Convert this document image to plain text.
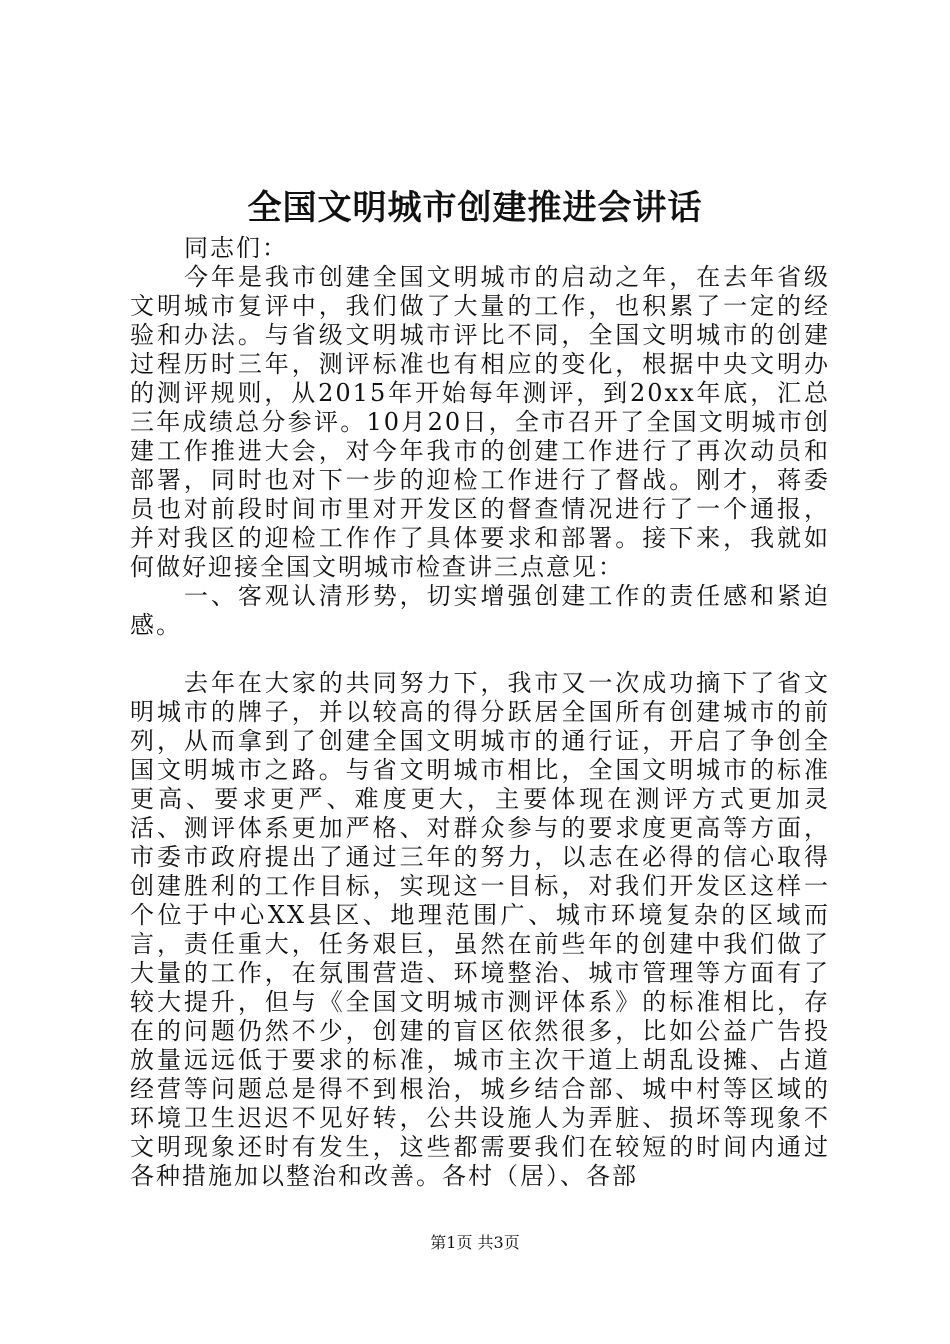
全国文明城市创建推进会讲话

同志们：

今年是我市创建全国文明城市的启动之年，在去年省级文明城市复评中，我们做了大量的工作，也积累了一定的经验和办法。与省级文明城市评比不同，全国文明城市的创建过程历时三年，测评标准也有相应的变化，根据中央文明办的测评规则，从2015年开始每年测评，到20xx年底，汇总三年成绩总分参评。10月20日，全市召开了全国文明城市创建工作推进大会，对今年我市的创建工作进行了再次动员和部署，同时也对下一步的迎检工作进行了督战。刚才，蒋委员也对前段时间市里对开发区的督查情况进行了一个通报，并对我区的迎检工作作了具体要求和部署。接下来，我就如何做好迎接全国文明城市检查讲三点意见：

一、客观认清形势，切实增强创建工作的责任感和紧迫感。

去年在大家的共同努力下，我市又一次成功摘下了省文明城市的牌子，并以较高的得分跃居全国所有创建城市的前列，从而拿到了创建全国文明城市的通行证，开启了争创全国文明城市之路。与省文明城市相比，全国文明城市的标准更高、要求更严、难度更大，主要体现在测评方式更加灵活、测评体系更加严格、对群众参与的要求度更高等方面，市委市政府提出了通过三年的努力，以志在必得的信心取得创建胜利的工作目标，实现这一目标，对我们开发区这样一个位于中心XX县区、地理范围广、城市环境复杂的区域而言，责任重大，任务艰巨，虽然在前些年的创建中我们做了大量的工作，在氛围营造、环境整治、城市管理等方面有了较大提升，但与《全国文明城市测评体系》的标准相比，存在的问题仍然不少，创建的盲区依然很多，比如公益广告投放量远远低于要求的标准，城市主次干道上胡乱设摊、占道经营等问题总是得不到根治，城乡结合部、城中村等区域的环境卫生迟迟不见好转，公共设施人为弄脏、损坏等现象不文明现象还时有发生，这些都需要我们在较短的时间内通过各种措施加以整治和改善。各村（居）、各部

第1页 共3页
